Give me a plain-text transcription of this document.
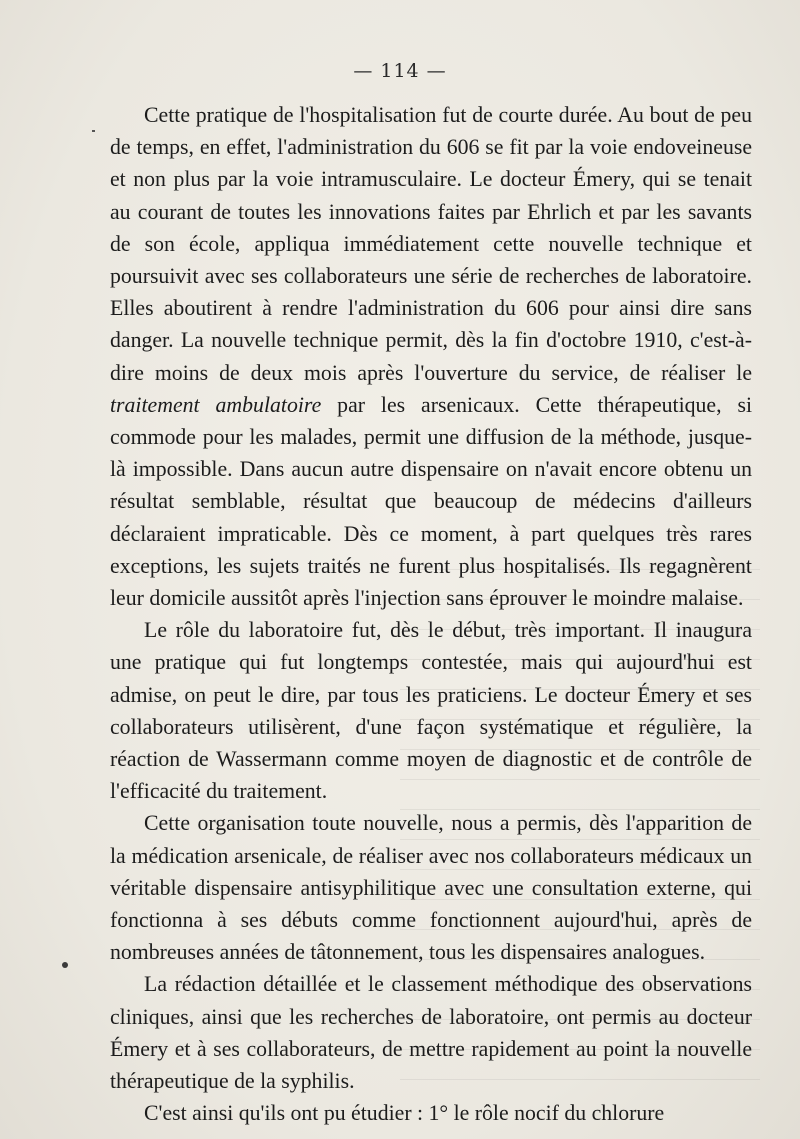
— 114 —

Cette pratique de l'hospitalisation fut de courte durée. Au bout de peu de temps, en effet, l'administration du 606 se fit par la voie endoveineuse et non plus par la voie intramusculaire. Le docteur Émery, qui se tenait au courant de toutes les innovations faites par Ehrlich et par les savants de son école, appliqua immédiatement cette nouvelle technique et poursuivit avec ses collaborateurs une série de recherches de laboratoire. Elles aboutirent à rendre l'administration du 606 pour ainsi dire sans danger. La nouvelle technique permit, dès la fin d'octobre 1910, c'est-à-dire moins de deux mois après l'ouverture du service, de réaliser le traitement ambulatoire par les arsenicaux. Cette thérapeutique, si commode pour les malades, permit une diffusion de la méthode, jusque-là impossible. Dans aucun autre dispensaire on n'avait encore obtenu un résultat semblable, résultat que beaucoup de médecins d'ailleurs déclaraient impraticable. Dès ce moment, à part quelques très rares exceptions, les sujets traités ne furent plus hospitalisés. Ils regagnèrent leur domicile aussitôt après l'injection sans éprouver le moindre malaise.

Le rôle du laboratoire fut, dès le début, très important. Il inaugura une pratique qui fut longtemps contestée, mais qui aujourd'hui est admise, on peut le dire, par tous les praticiens. Le docteur Émery et ses collaborateurs utilisèrent, d'une façon systématique et régulière, la réaction de Wassermann comme moyen de diagnostic et de contrôle de l'efficacité du traitement.

Cette organisation toute nouvelle, nous a permis, dès l'apparition de la médication arsenicale, de réaliser avec nos collaborateurs médicaux un véritable dispensaire antisyphilitique avec une consultation externe, qui fonctionna à ses débuts comme fonctionnent aujourd'hui, après de nombreuses années de tâtonnement, tous les dispensaires analogues.

La rédaction détaillée et le classement méthodique des observations cliniques, ainsi que les recherches de laboratoire, ont permis au docteur Émery et à ses collaborateurs, de mettre rapidement au point la nouvelle thérapeutique de la syphilis.

C'est ainsi qu'ils ont pu étudier : 1° le rôle nocif du chlorure
